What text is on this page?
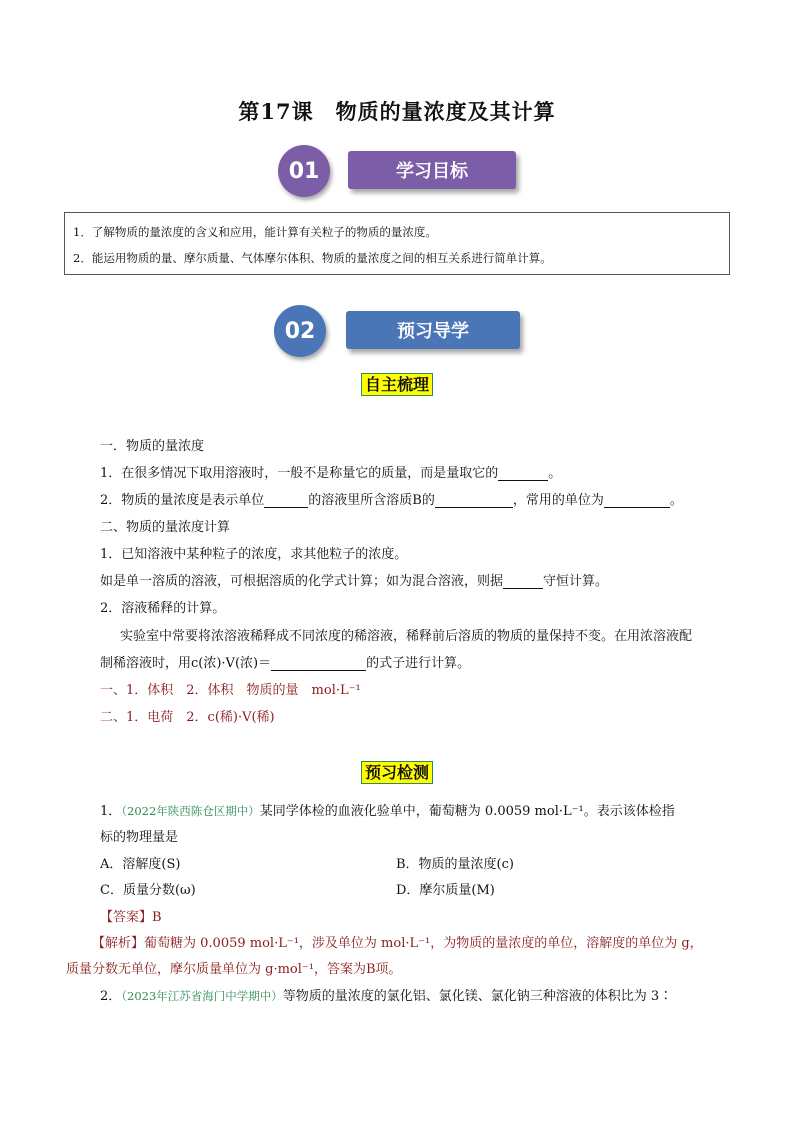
第17课　物质的量浓度及其计算
01	学习目标
1．了解物质的量浓度的含义和应用，能计算有关粒子的物质的量浓度。
2．能运用物质的量、摩尔质量、气体摩尔体积、物质的量浓度之间的相互关系进行简单计算。
02	预习导学
自主梳理
一．物质的量浓度
1．在很多情况下取用溶液时，一般不是称量它的质量，而是量取它的	。
2．物质的量浓度是表示单位	的溶液里所含溶质B的	，常用的单位为	。
二、物质的量浓度计算
1．已知溶液中某种粒子的浓度，求其他粒子的浓度。
如是单一溶质的溶液，可根据溶质的化学式计算；如为混合溶液，则据	守恒计算。
2．溶液稀释的计算。
实验室中常要将浓溶液稀释成不同浓度的稀溶液，稀释前后溶质的物质的量保持不变。在用浓溶液配
制稀溶液时，用c(浓)·V(浓)＝	的式子进行计算。
一、1．体积　2．体积　物质的量　mol·L⁻¹
二、1．电荷　2．c(稀)·V(稀)
预习检测
1．（2022年陕西陈仓区期中）某同学体检的血液化验单中，葡萄糖为 0.0059 mol·L⁻¹。表示该体检指
标的物理量是
A．溶解度(S)	B．物质的量浓度(c)
C．质量分数(ω)	D．摩尔质量(M)
【答案】B
【解析】葡萄糖为 0.0059 mol·L⁻¹，涉及单位为 mol·L⁻¹，为物质的量浓度的单位，溶解度的单位为 g，
质量分数无单位，摩尔质量单位为 g·mol⁻¹，答案为B项。
2．（2023年江苏省海门中学期中）等物质的量浓度的氯化铝、氯化镁、氯化钠三种溶液的体积比为 3∶
